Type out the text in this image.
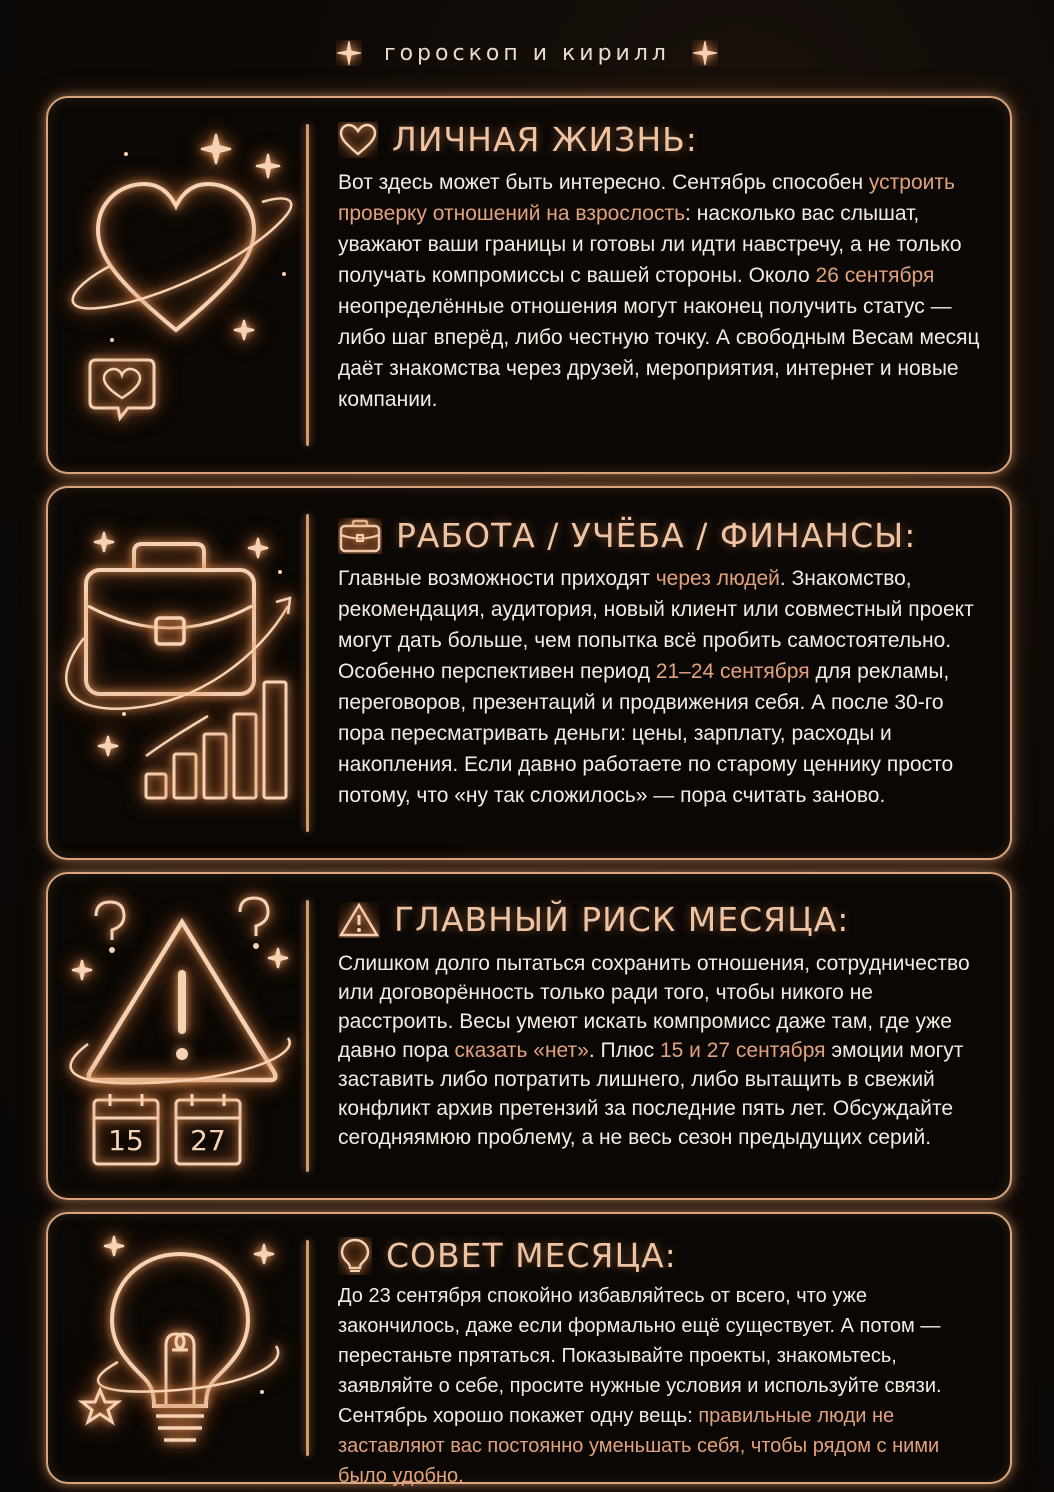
гороскоп и кирилл
ЛИЧНАЯ ЖИЗНЬ:

Вот здесь может быть интересно. Сентябрь способен устроить проверку отношений на взрослость: насколько вас слышат, уважают ваши границы и готовы ли идти навстречу, а не только получать компромиссы с вашей стороны. Около 26 сентября неопределённые отношения могут наконец получить статус — либо шаг вперёд, либо честную точку. А свободным Весам месяц даёт знакомства через друзей, мероприятия, интернет и новые компании.

РАБОТА / УЧЁБА / ФИНАНСЫ:

Главные возможности приходят через людей. Знакомство, рекомендация, аудитория, новый клиент или совместный проект могут дать больше, чем попытка всё пробить самостоятельно. Особенно перспективен период 21–24 сентября для рекламы, переговоров, презентаций и продвижения себя. А после 30-го пора пересматривать деньги: цены, зарплату, расходы и накопления. Если давно работаете по старому ценнику просто потому, что «ну так сложилось» — пора считать заново.

15 27
ГЛАВНЫЙ РИСК МЕСЯЦА:

Слишком долго пытаться сохранить отношения, сотрудничество или договорённость только ради того, чтобы никого не расстроить. Весы умеют искать компромисс даже там, где уже давно пора сказать «нет». Плюс 15 и 27 сентября эмоции могут заставить либо потратить лишнего, либо вытащить в свежий конфликт архив претензий за последние пять лет. Обсуждайте сегодняямюю проблему, а не весь сезон предыдущих серий.

СОВЕТ МЕСЯЦА:

До 23 сентября спокойно избавляйтесь от всего, что уже закончилось, даже если формально ещё существует. А потом — перестаньте прятаться. Показывайте проекты, знакомьтесь, заявляйте о себе, просите нужные условия и используйте связи. Сентябрь хорошо покажет одну вещь: правильные люди не заставляют вас постоянно уменьшать себя, чтобы рядом с ними было удобно.
